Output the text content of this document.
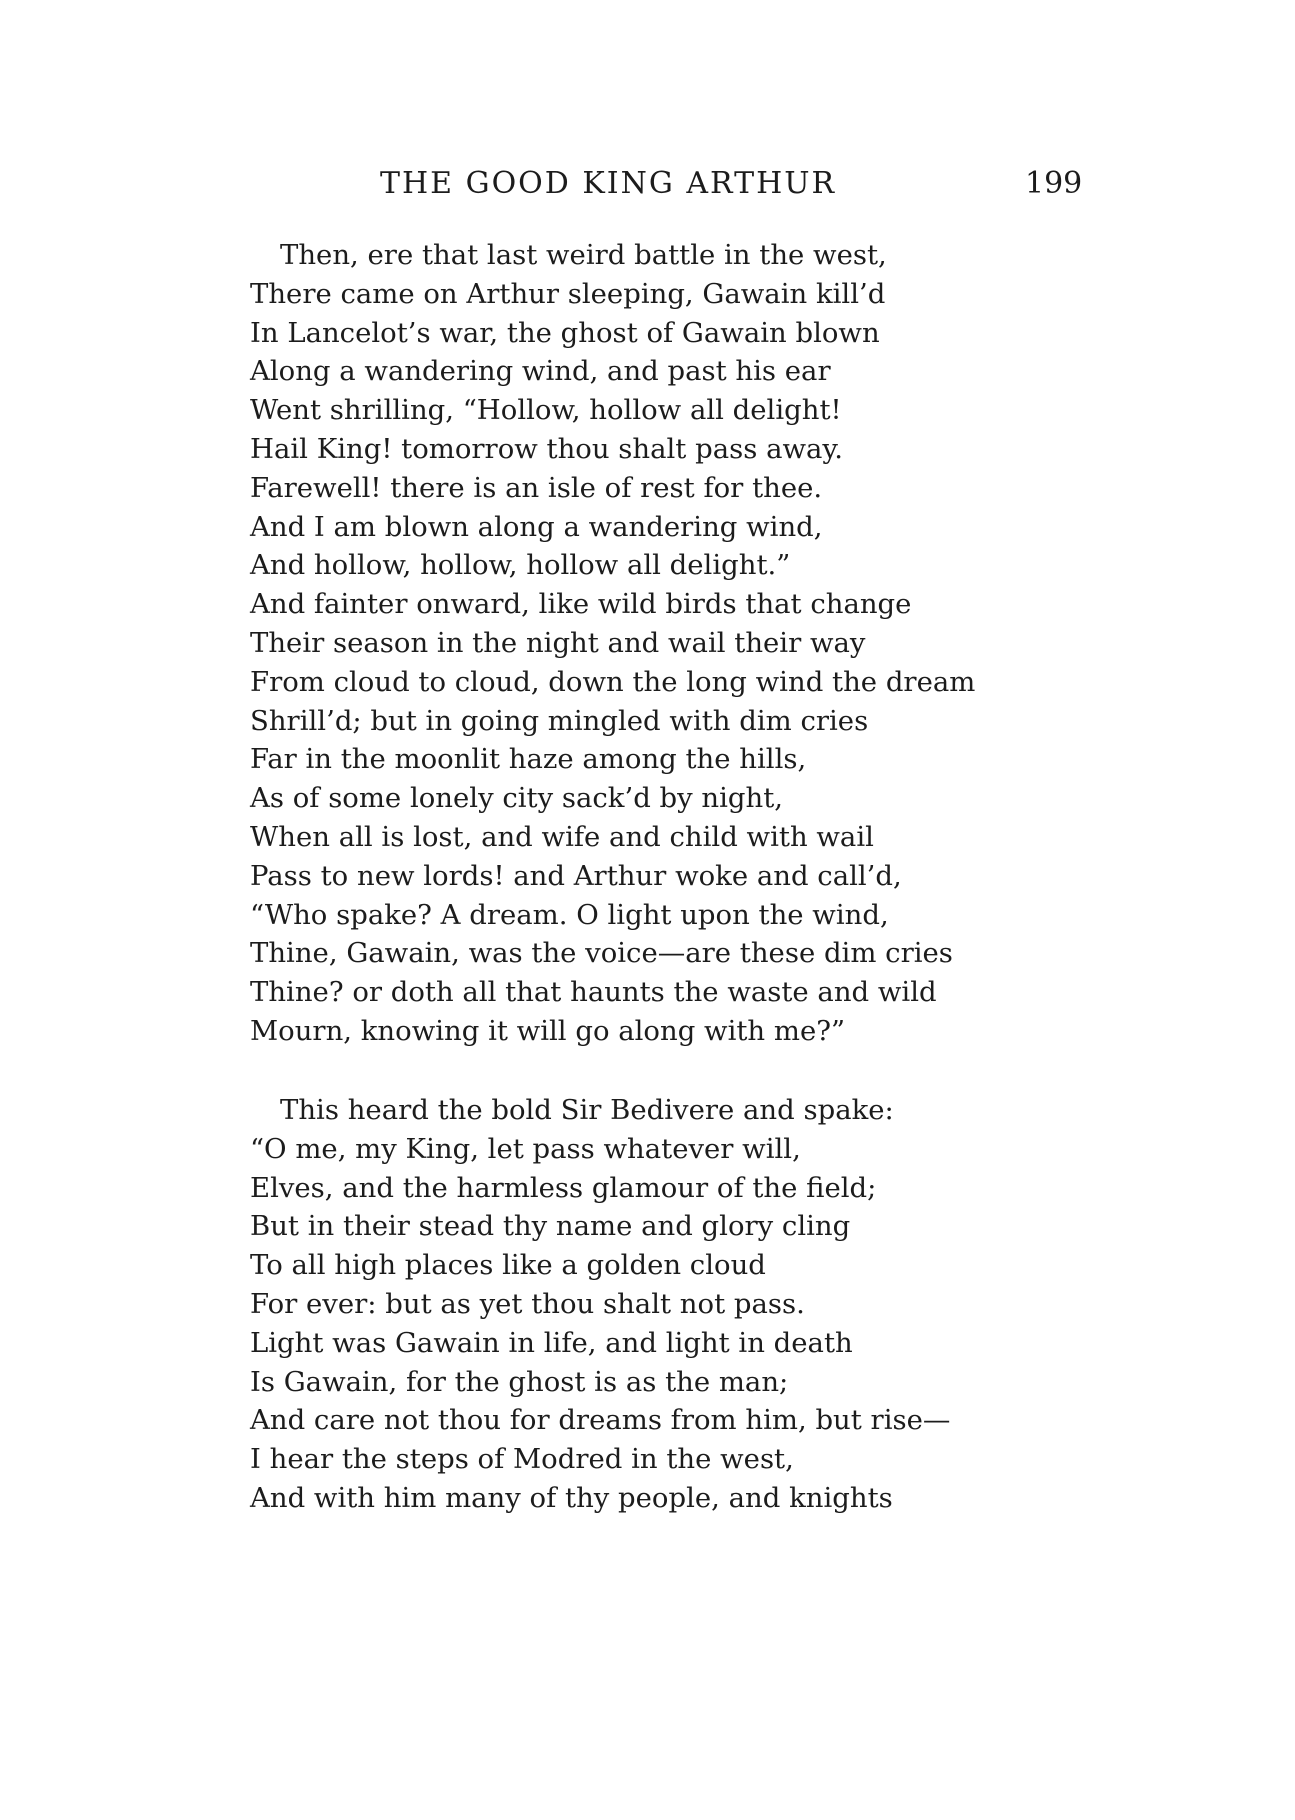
THE GOOD KING ARTHUR	199
Then, ere that last weird battle in the west,
There came on Arthur sleeping, Gawain kill’d
In Lancelot’s war, the ghost of Gawain blown
Along a wandering wind, and past his ear
Went shrilling, “Hollow, hollow all delight!
Hail King! tomorrow thou shalt pass away.
Farewell! there is an isle of rest for thee.
And I am blown along a wandering wind,
And hollow, hollow, hollow all delight.”
And fainter onward, like wild birds that change
Their season in the night and wail their way
From cloud to cloud, down the long wind the dream
Shrill’d; but in going mingled with dim cries
Far in the moonlit haze among the hills,
As of some lonely city sack’d by night,
When all is lost, and wife and child with wail
Pass to new lords! and Arthur woke and call’d,
“Who spake? A dream. O light upon the wind,
Thine, Gawain, was the voice—are these dim cries
Thine? or doth all that haunts the waste and wild
Mourn, knowing it will go along with me?”
This heard the bold Sir Bedivere and spake:
“O me, my King, let pass whatever will,
Elves, and the harmless glamour of the field;
But in their stead thy name and glory cling
To all high places like a golden cloud
For ever: but as yet thou shalt not pass.
Light was Gawain in life, and light in death
Is Gawain, for the ghost is as the man;
And care not thou for dreams from him, but rise—
I hear the steps of Modred in the west,
And with him many of thy people, and knights
